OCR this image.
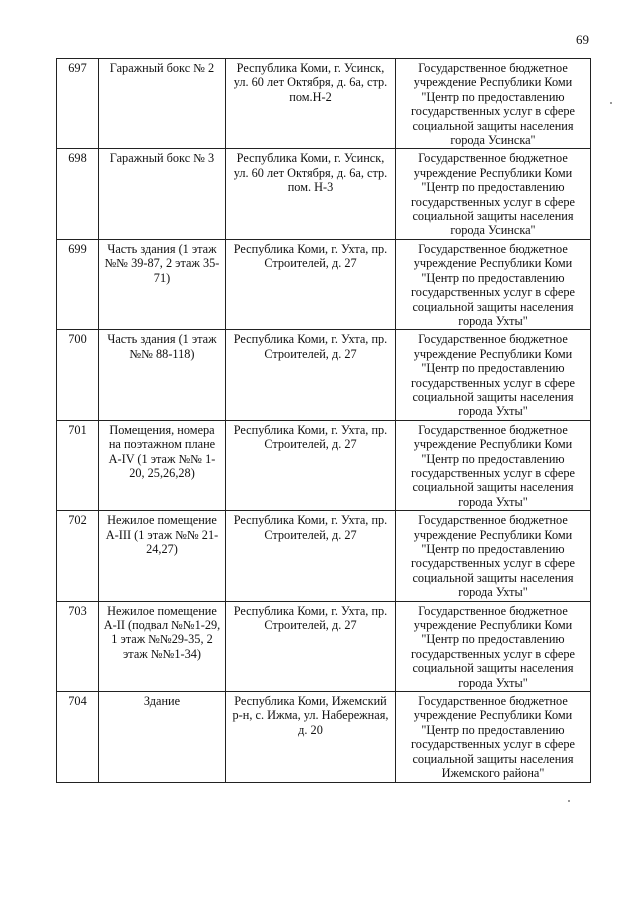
69
697	Гаражный бокс № 2	Республика Коми, г. Усинск, ул. 60 лет Октября, д. 6а, стр. пом.Н-2	Государственное бюджетное учреждение Республики Коми "Центр по предоставлению государственных услуг в сфере социальной защиты населения города Усинска"
698	Гаражный бокс № 3	Республика Коми, г. Усинск, ул. 60 лет Октября, д. 6а, стр. пом. Н-3	Государственное бюджетное учреждение Республики Коми "Центр по предоставлению государственных услуг в сфере социальной защиты населения города Усинска"
699	Часть здания (1 этаж №№ 39-87, 2 этаж 35-71)	Республика Коми, г. Ухта, пр. Строителей, д. 27	Государственное бюджетное учреждение Республики Коми "Центр по предоставлению государственных услуг в сфере социальной защиты населения города Ухты"
700	Часть здания (1 этаж №№ 88-118)	Республика Коми, г. Ухта, пр. Строителей, д. 27	Государственное бюджетное учреждение Республики Коми "Центр по предоставлению государственных услуг в сфере социальной защиты населения города Ухты"
701	Помещения, номера на поэтажном плане A-IV (1 этаж №№ 1-20, 25,26,28)	Республика Коми, г. Ухта, пр. Строителей, д. 27	Государственное бюджетное учреждение Республики Коми "Центр по предоставлению государственных услуг в сфере социальной защиты населения города Ухты"
702	Нежилое помещение A-III (1 этаж №№ 21-24,27)	Республика Коми, г. Ухта, пр. Строителей, д. 27	Государственное бюджетное учреждение Республики Коми "Центр по предоставлению государственных услуг в сфере социальной защиты населения города Ухты"
703	Нежилое помещение A-II (подвал №№1-29, 1 этаж №№29-35, 2 этаж №№1-34)	Республика Коми, г. Ухта, пр. Строителей, д. 27	Государственное бюджетное учреждение Республики Коми "Центр по предоставлению государственных услуг в сфере социальной защиты населения города Ухты"
704	Здание	Республика Коми, Ижемский р-н, с. Ижма, ул. Набережная, д. 20	Государственное бюджетное учреждение Республики Коми "Центр по предоставлению государственных услуг в сфере социальной защиты населения Ижемского района"
